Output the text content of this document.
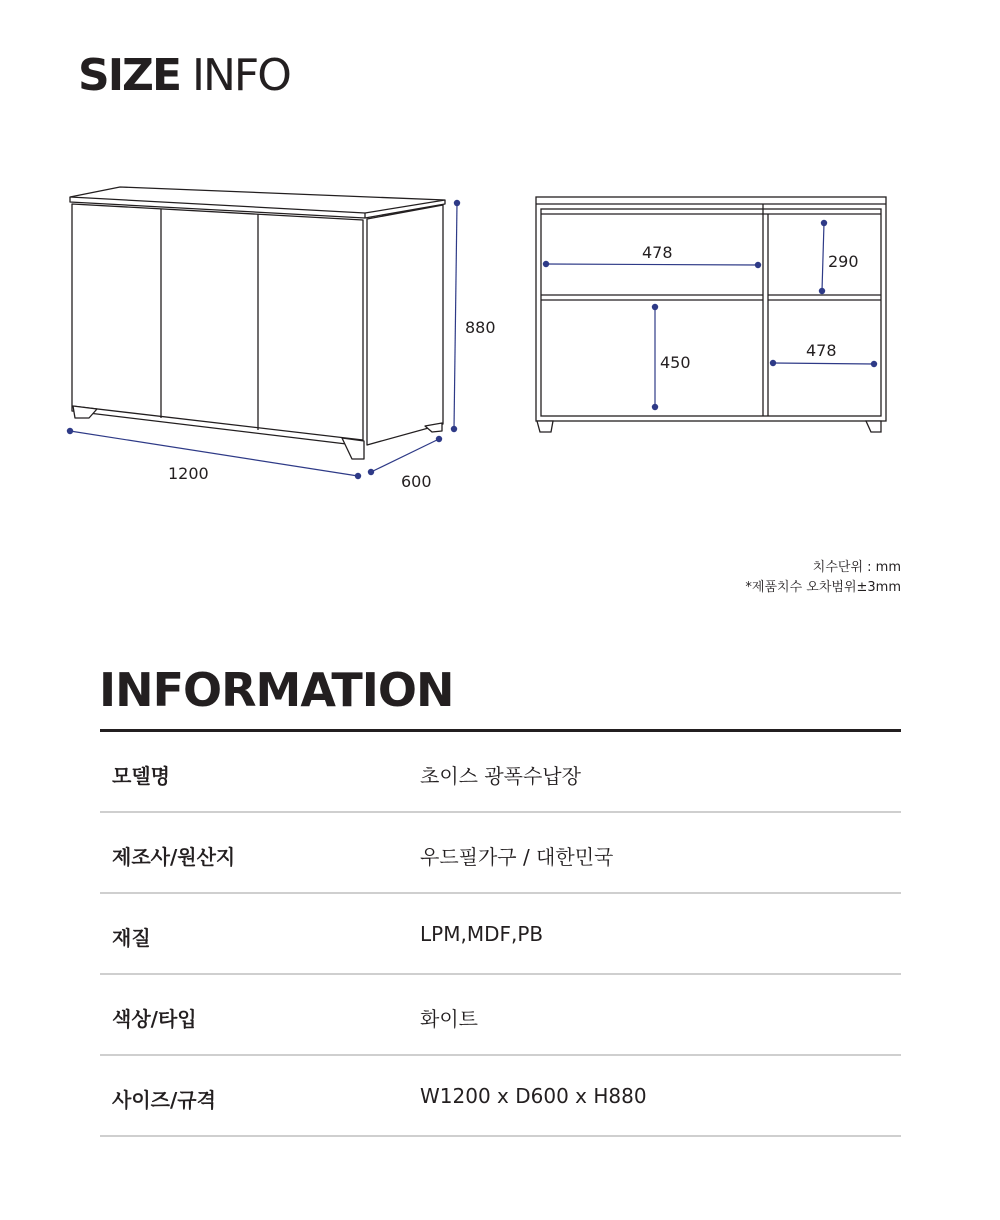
SIZE INFO
1200	600
880
478	290
450
478
치수단위 : mm
*제품치수 오차범위±3mm
INFORMATION
모델명	초이스 광폭수납장
제조사/원산지	우드필가구 / 대한민국
재질	LPM,MDF,PB
색상/타입	화이트
사이즈/규격	W1200 x D600 x H880
